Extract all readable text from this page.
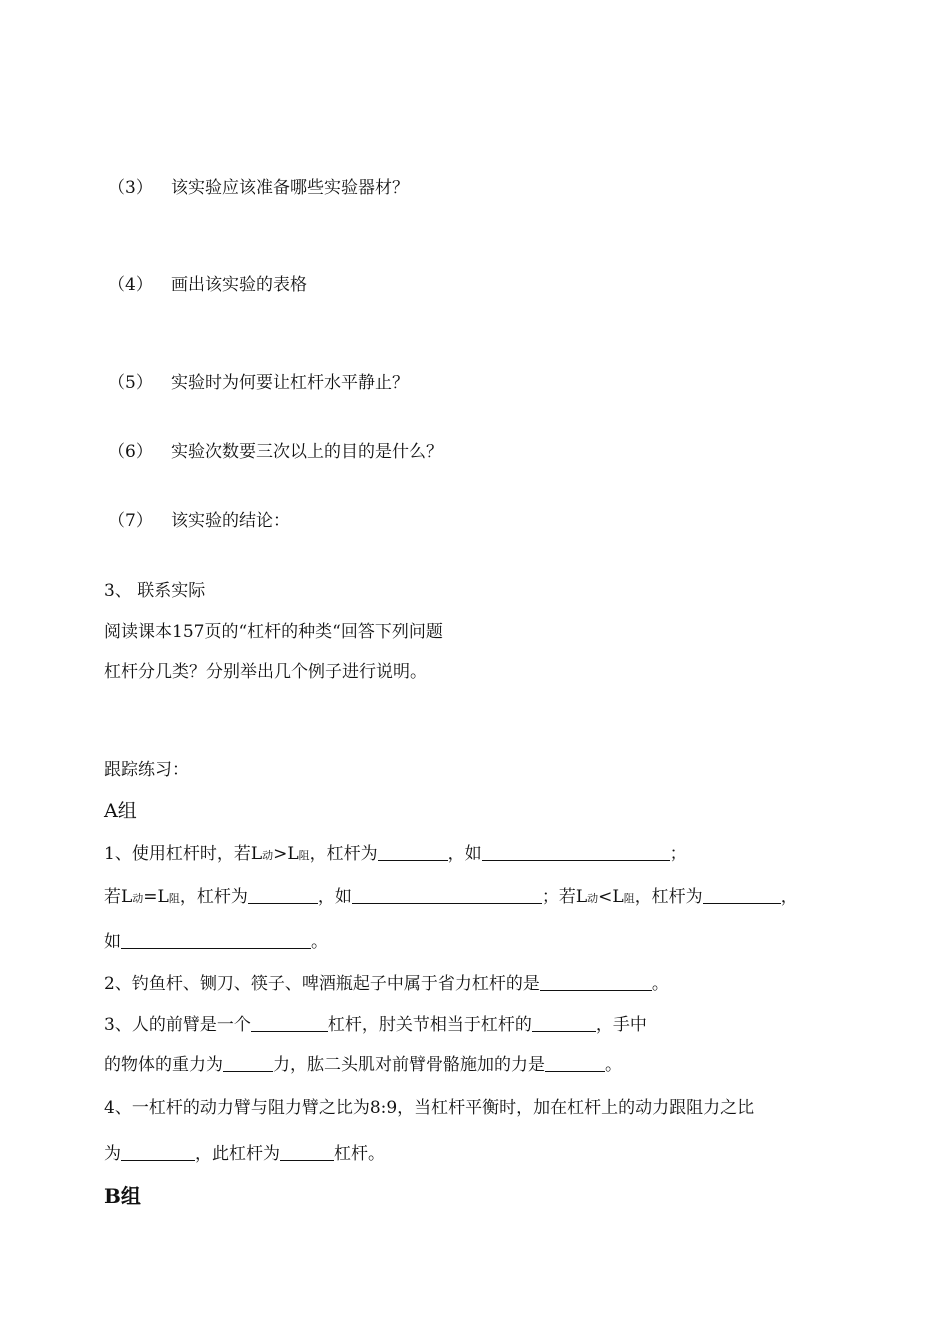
（3） 该实验应该准备哪些实验器材？
（4） 画出该实验的表格
（5） 实验时为何要让杠杆水平静止？
（6） 实验次数要三次以上的目的是什么？
（7） 该实验的结论：
3、 联系实际
阅读课本157页的“杠杆的种类“回答下列问题
杠杆分几类？分别举出几个例子进行说明。
跟踪练习：
A组
1、使用杠杆时，若L动>L阻，杠杆为	，如	；
若L动=L阻，杠杆为	，如	；若L动<L阻，杠杆为	，
如	。
2、钓鱼杆、铡刀、筷子、啤酒瓶起子中属于省力杠杆的是	。
3、人的前臂是一个	杠杆，肘关节相当于杠杆的	，手中
的物体的重力为	力，肱二头肌对前臂骨骼施加的力是	。
4、一杠杆的动力臂与阻力臂之比为8:9，当杠杆平衡时，加在杠杆上的动力跟阻力之比
为	，此杠杆为	杠杆。
B组
